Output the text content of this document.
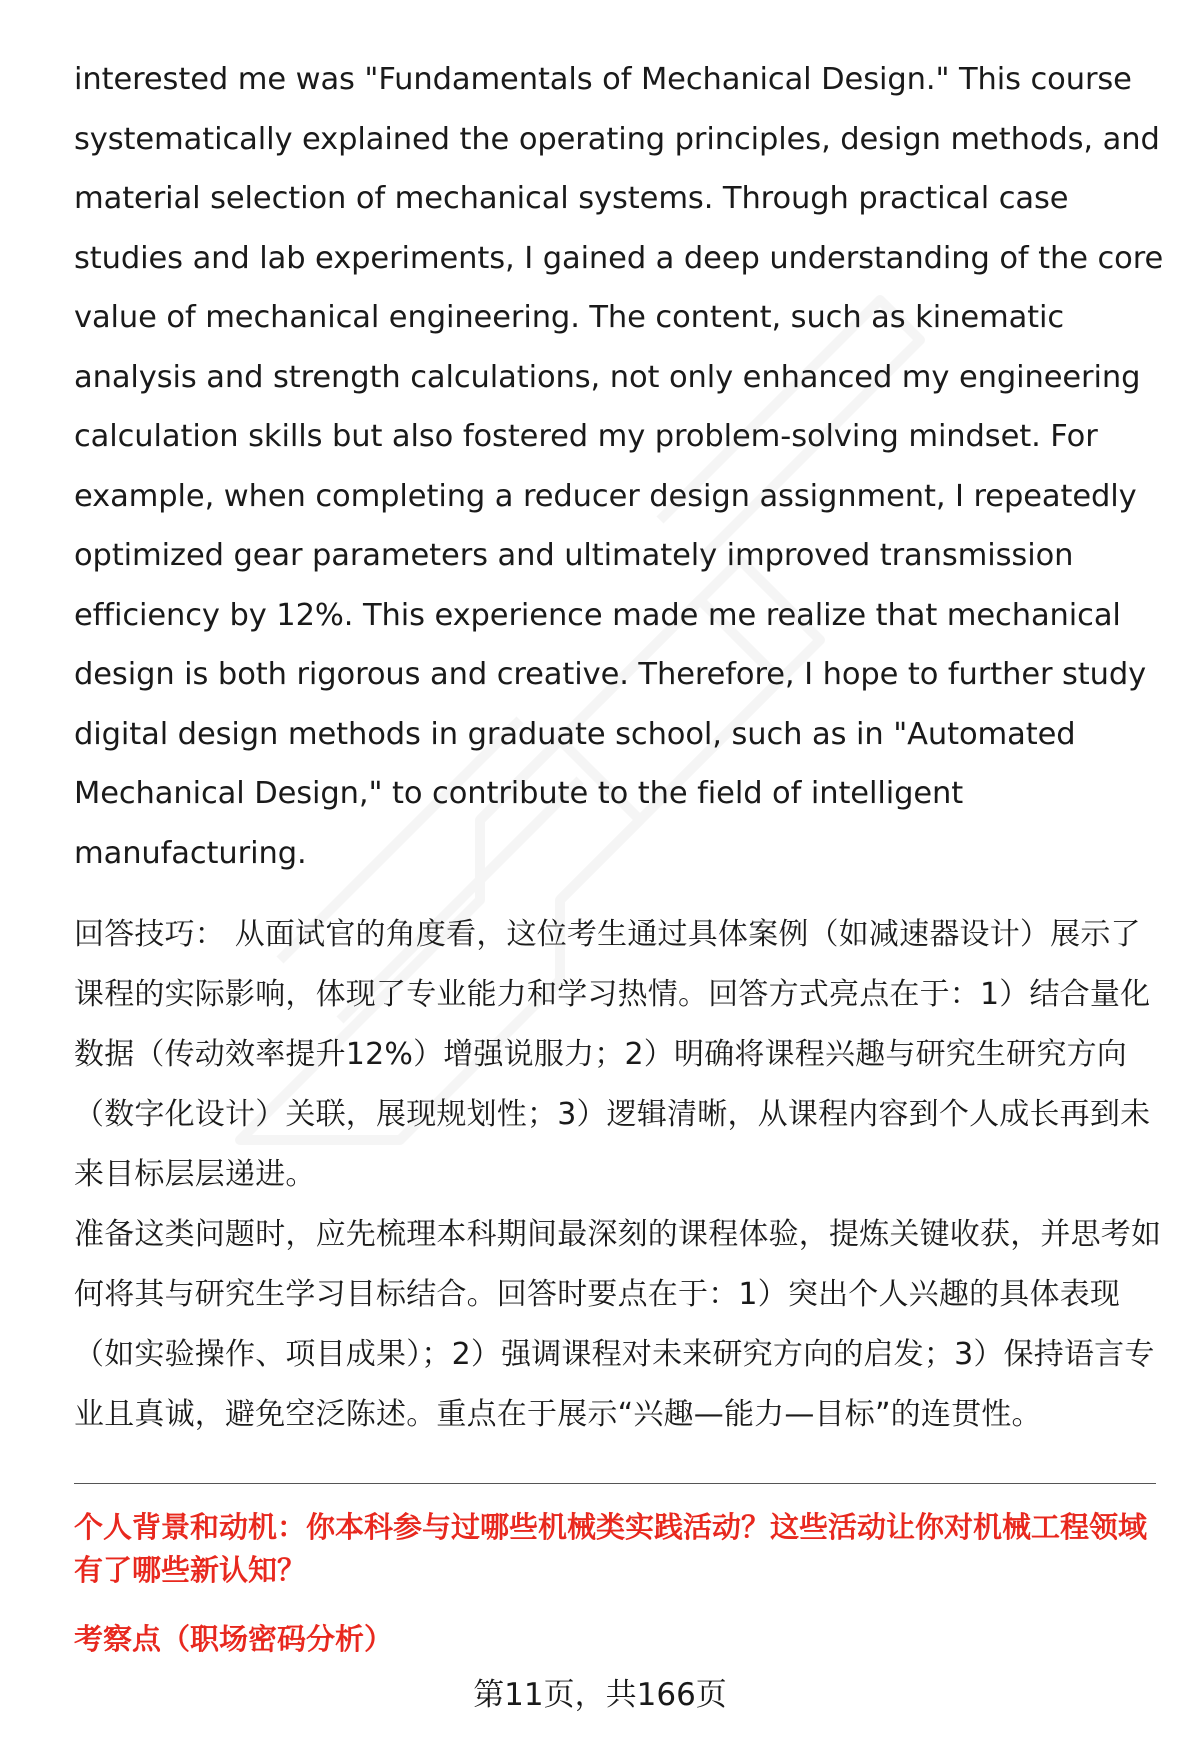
interested me was "Fundamentals of Mechanical Design." This course systematically explained the operating principles, design methods, and material selection of mechanical systems. Through practical case studies and lab experiments, I gained a deep understanding of the core value of mechanical engineering. The content, such as kinematic analysis and strength calculations, not only enhanced my engineering calculation skills but also fostered my problem-solving mindset. For example, when completing a reducer design assignment, I repeatedly optimized gear parameters and ultimately improved transmission efficiency by 12%. This experience made me realize that mechanical design is both rigorous and creative. Therefore, I hope to further study digital design methods in graduate school, such as in "Automated Mechanical Design," to contribute to the field of intelligent manufacturing.

回答技巧： 从面试官的角度看，这位考生通过具体案例（如减速器设计）展示了课程的实际影响，体现了专业能力和学习热情。回答方式亮点在于：1）结合量化数据（传动效率提升12%）增强说服力；2）明确将课程兴趣与研究生研究方向（数字化设计）关联，展现规划性；3）逻辑清晰，从课程内容到个人成长再到未来目标层层递进。

准备这类问题时，应先梳理本科期间最深刻的课程体验，提炼关键收获，并思考如何将其与研究生学习目标结合。回答时要点在于：1）突出个人兴趣的具体表现（如实验操作、项目成果）；2）强调课程对未来研究方向的启发；3）保持语言专业且真诚，避免空泛陈述。重点在于展示“兴趣—能力—目标”的连贯性。

个人背景和动机：你本科参与过哪些机械类实践活动？这些活动让你对机械工程领域有了哪些新认知？

考察点（职场密码分析）

第11页，共166页
